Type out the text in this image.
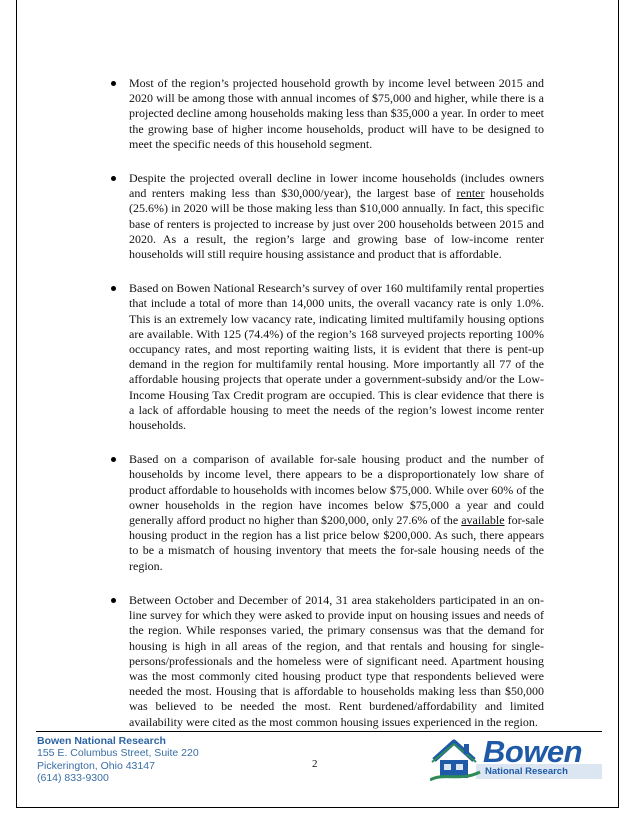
Most of the region’s projected household growth by income level between 2015 and 2020 will be among those with annual incomes of $75,000 and higher, while there is a projected decline among households making less than $35,000 a year. In order to meet the growing base of higher income households, product will have to be designed to meet the specific needs of this household segment.
Despite the projected overall decline in lower income households (includes owners and renters making less than $30,000/year), the largest base of renter households (25.6%) in 2020 will be those making less than $10,000 annually. In fact, this specific base of renters is projected to increase by just over 200 households between 2015 and 2020. As a result, the region’s large and growing base of low-income renter households will still require housing assistance and product that is affordable.
Based on Bowen National Research’s survey of over 160 multifamily rental properties that include a total of more than 14,000 units, the overall vacancy rate is only 1.0%. This is an extremely low vacancy rate, indicating limited multifamily housing options are available. With 125 (74.4%) of the region’s 168 surveyed projects reporting 100% occupancy rates, and most reporting waiting lists, it is evident that there is pent-up demand in the region for multifamily rental housing. More importantly all 77 of the affordable housing projects that operate under a government-subsidy and/or the Low-Income Housing Tax Credit program are occupied. This is clear evidence that there is a lack of affordable housing to meet the needs of the region’s lowest income renter households.
Based on a comparison of available for-sale housing product and the number of households by income level, there appears to be a disproportionately low share of product affordable to households with incomes below $75,000. While over 60% of the owner households in the region have incomes below $75,000 a year and could generally afford product no higher than $200,000, only 27.6% of the available for-sale housing product in the region has a list price below $200,000. As such, there appears to be a mismatch of housing inventory that meets the for-sale housing needs of the region.
Between October and December of 2014, 31 area stakeholders participated in an on-line survey for which they were asked to provide input on housing issues and needs of the region. While responses varied, the primary consensus was that the demand for housing is high in all areas of the region, and that rentals and housing for single-persons/professionals and the homeless were of significant need. Apartment housing was the most commonly cited housing product type that respondents believed were needed the most. Housing that is affordable to households making less than $50,000 was believed to be needed the most. Rent burdened/affordability and limited availability were cited as the most common housing issues experienced in the region.
Bowen National Research
155 E. Columbus Street, Suite 220
Pickerington, Ohio 43147
(614) 833-9300
2	Bowen
National Research
